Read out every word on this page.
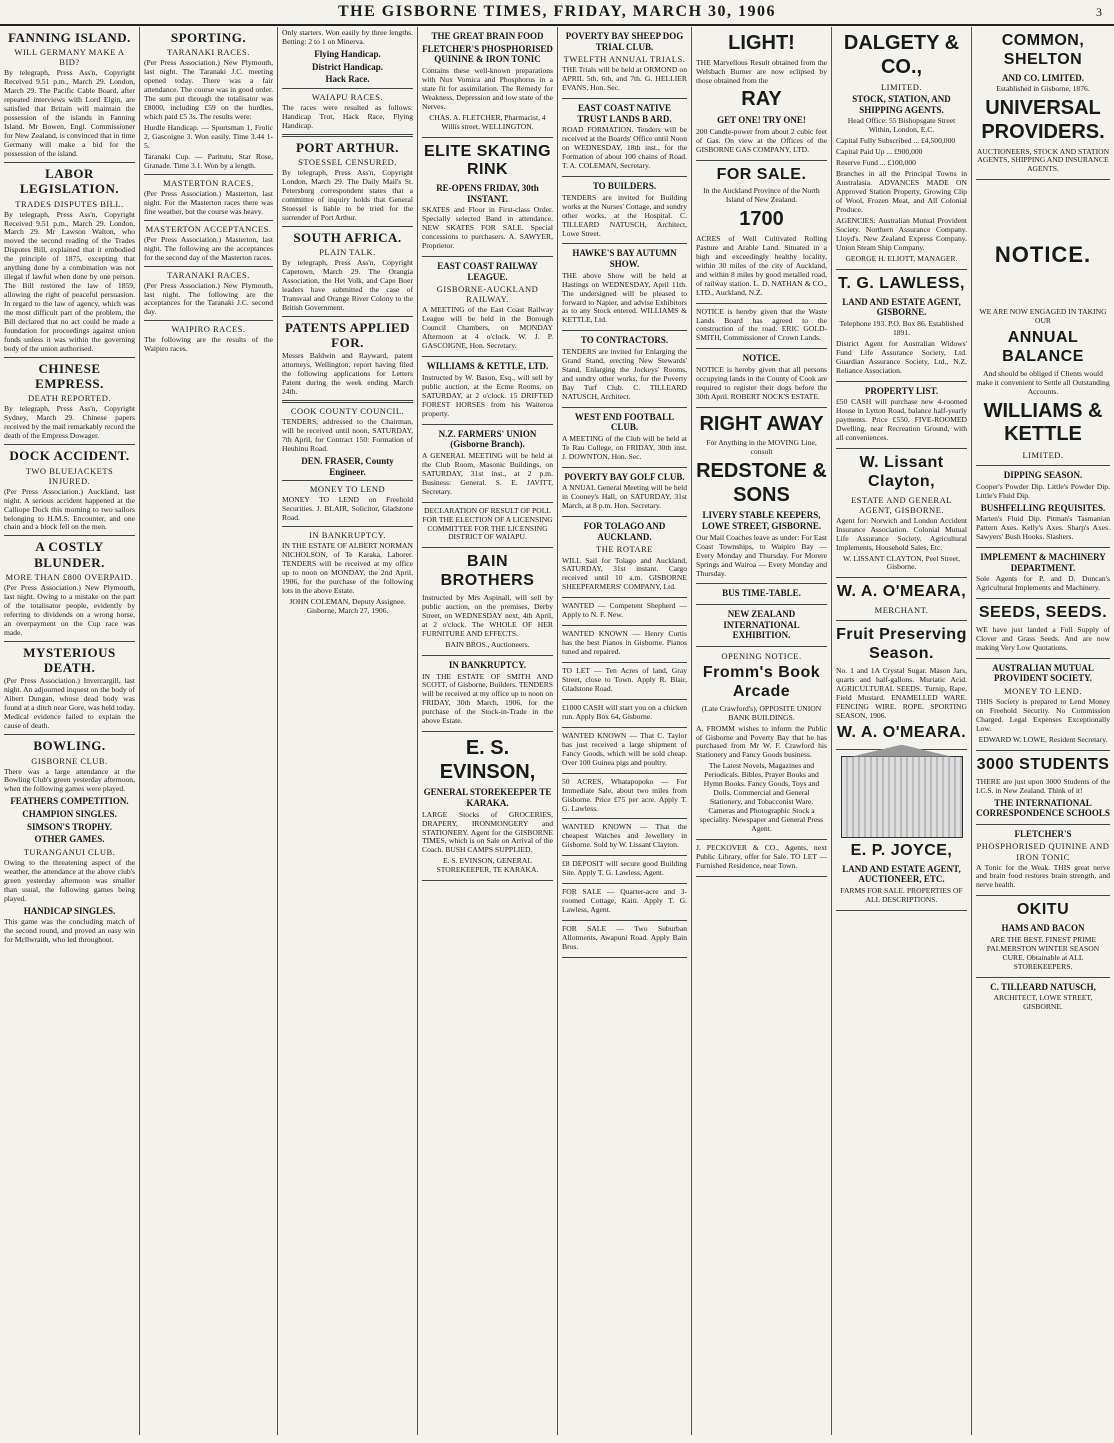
THE GISBORNE TIMES, FRIDAY, MARCH 30, 1906	3
FANNING ISLAND.
WILL GERMANY MAKE A BID?
By telegraph, Press Ass'n, Copyright Received 9.51 p.m., March 29. London, March 29. The Pacific Cable Board, after repeated interviews with Lord Elgin, are satisfied that Britain will maintain the possession of the islands in Fanning Island. Mr Bowen, Engl. Commissioner for New Zealand, is convinced that in time Germany will make a bid for the possession of the island.
LABOR LEGISLATION.
TRADES DISPUTES BILL.
By telegraph, Press Ass'n, Copyright Received 9.51 p.m., March 29. London, March 29. Mr Lawson Walton, who moved the second reading of the Trades Disputes Bill, explained that it embodied the principle of 1875, excepting that anything done by a combination was not illegal if lawful when done by one person. The Bill restored the law of 1859, allowing the right of peaceful persuasion. In regard to the law of agency, which was the most difficult part of the problem, the Bill declared that no act could be made a foundation for proceedings against union funds unless it was within the governing body of the union authorised.
CHINESE EMPRESS.
DEATH REPORTED.
By telegraph, Press Ass'n, Copyright Sydney, March 29. Chinese papers received by the mail remarkably record the death of the Empress Dowager.
DOCK ACCIDENT.
TWO BLUEJACKETS INJURED.
(Per Press Association.) Auckland, last night. A serious accident happened at the Calliope Dock this morning to two sailors belonging to H.M.S. Encounter, and one chain and a block fell on the men.
A COSTLY BLUNDER.
MORE THAN £800 OVERPAID.
(Per Press Association.) New Plymouth, last night. Owing to a mistake on the part of the totalisator people, evidently by referring to dividends on a wrong horse, an overpayment on the Cup race was made.
MYSTERIOUS DEATH.
(Per Press Association.) Invercargill, last night. An adjourned inquest on the body of Albert Dungan, whose dead body was found at a ditch near Gore, was held today. Medical evidence failed to explain the cause of death.
BOWLING.
GISBORNE CLUB.
There was a large attendance at the Bowling Club's green yesterday afternoon, when the following games were played.
FEATHERS COMPETITION.
CHAMPION SINGLES.
SIMSON'S TROPHY.
OTHER GAMES.
TURANGANUI CLUB.
Owing to the threatening aspect of the weather, the attendance at the above club's green yesterday afternoon was smaller than usual, the following games being played.
HANDICAP SINGLES.
This game was the concluding match of the second round, and proved an easy win for Mcllwraith, who led throughout.
SPORTING.
TARANAKI RACES.
(Per Press Association.) New Plymouth, last night. The Taranaki J.C. meeting opened today. There was a fair attendance. The course was in good order. The sum put through the totalisator was £8000, including £59 on the hurdles, which paid £5 3s. The results were:
Hurdle Handicap. — Sportsman 1, Frolic 2, Gascoigne 3. Won easily. Time 3.44 1-5.
Taranaki Cup. — Paritutu, Star Rose, Granade. Time 3.1. Won by a length.
MASTERTON RACES.
(Per Press Association.) Masterton, last night. For the Masterton races there was fine weather, but the course was heavy.
MASTERTON ACCEPTANCES.
(Per Press Association.) Masterton, last night. The following are the acceptances for the second day of the Masterton races.
TARANAKI RACES.
(Per Press Association.) New Plymouth, last night. The following are the acceptances for the Taranaki J.C. second day.
WAIPIRO RACES.
The following are the results of the Waipiro races.
Only starters. Won easily by three lengths. Betting: 2 to 1 on Minerva.
Flying Handicap.
District Handicap.
Hack Race.
WAIAPU RACES.
The races were resulted as follows: Handicap Trot, Hack Race, Flying Handicap.
PORT ARTHUR.
STOESSEL CENSURED.
By telegraph, Press Ass'n, Copyright London, March 29. The Daily Mail's St. Petersburg correspondent states that a committee of inquiry holds that General Stoessel is liable to be tried for the surrender of Port Arthur.
SOUTH AFRICA.
PLAIN TALK.
By telegraph, Press Ass'n, Copyright Capetown, March 29. The Orangia Association, the Het Volk, and Cape Boer leaders have submitted the case of Transvaal and Orange River Colony to the British Government.
PATENTS APPLIED FOR.
Messrs Baldwin and Rayward, patent attorneys, Wellington, report having filed the following applications for Letters Patent during the week ending March 24th.
COOK COUNTY COUNCIL.
TENDERS, addressed to the Chairman, will be received until noon, SATURDAY, 7th April, for Contract 150: Formation of Heuhinu Road.
DEN. FRASER, County Engineer.
MONEY TO LEND
MONEY TO LEND on Freehold Securities. J. BLAIR, Solicitor, Gladstone Road.
IN BANKRUPTCY.
IN THE ESTATE OF ALBERT NORMAN NICHOLSON, of Te Karaka, Laborer. TENDERS will be received at my office up to noon on MONDAY, the 2nd April, 1906, for the purchase of the following lots in the above Estate.
JOHN COLEMAN, Deputy Assignee. Gisborne, March 27, 1906.
THE GREAT BRAIN FOOD
FLETCHER'S PHOSPHORISED QUININE & IRON TONIC
Contains these well-known preparations with Nux Vomica and Phosphorus in a state fit for assimilation. The Remedy for Weakness, Depression and low state of the Nerves.
CHAS. A. FLETCHER, Pharmacist, 4 Willis street, WELLINGTON.
ELITE SKATING RINK
RE-OPENS FRIDAY, 30th INSTANT.
SKATES and Floor in First-class Order. Specially selected Band in attendance. NEW SKATES FOR SALE. Special concessions to purchasers. A. SAWYER, Proprietor.
EAST COAST RAILWAY LEAGUE.
GISBORNE-AUCKLAND RAILWAY.
A MEETING of the East Coast Railway League will be held in the Borough Council Chambers, on MONDAY Afternoon at 4 o'clock. W. J. P. GASCOIGNE, Hon. Secretary.
WILLIAMS & KETTLE, LTD.
Instructed by W. Bason, Esq., will sell by public auction, at the Ecme Rooms, on SATURDAY, at 2 o'clock. 15 DRIFTED FOREST HORSES from his Waiteroa property.
N.Z. FARMERS' UNION (Gisborne Branch).
A GENERAL MEETING will be held at the Club Room, Masonic Buildings, on SATURDAY, 31st inst., at 2 p.m. Business: General. S. E. JAVITT, Secretary.
DECLARATION OF RESULT OF POLL FOR THE ELECTION OF A LICENSING COMMITTEE FOR THE LICENSING DISTRICT OF WAIAPU.
BAIN BROTHERS
Instructed by Mrs Aspinall, will sell by public auction, on the premises, Derby Street, on WEDNESDAY next, 4th April, at 2 o'clock. The WHOLE OF HER FURNITURE AND EFFECTS.
BAIN BROS., Auctioneers.
IN BANKRUPTCY.
IN THE ESTATE OF SMITH AND SCOTT, of Gisborne, Builders. TENDERS will be received at my office up to noon on FRIDAY, 30th March, 1906, for the purchase of the Stock-in-Trade in the above Estate.
E. S. EVINSON,
GENERAL STOREKEEPER TE KARAKA.
LARGE Stocks of GROCERIES, DRAPERY, IRONMONGERY and STATIONERY. Agent for the GISBORNE TIMES, which is on Sale on Arrival of the Coach. BUSH CAMPS SUPPLIED.
E. S. EVINSON, GENERAL STOREKEEPER, TE KARAKA.
POVERTY BAY SHEEP DOG TRIAL CLUB.
TWELFTH ANNUAL TRIALS.
THE Trials will be held at ORMOND on APRIL 5th, 6th, and 7th. G. HELLIER EVANS, Hon. Sec.
EAST COAST NATIVE TRUST LANDS B ARD.
ROAD FORMATION. Tenders will be received at the Boards' Office until Noon on WEDNESDAY, 18th inst., for the Formation of about 100 chains of Road. T. A. COLEMAN, Secretary.
TO BUILDERS.
TENDERS are invited for Building works at the Nurses' Cottage, and sundry other works, at the Hospital. C. TILLEARD NATUSCH, Architect, Lowe Street.
HAWKE'S BAY AUTUMN SHOW.
THE above Show will be held at Hastings on WEDNESDAY, April 11th. The undersigned will be pleased to forward to Napier, and advise Exhibitors as to any Stock entered. WILLIAMS & KETTLE, Ltd.
TO CONTRACTORS.
TENDERS are invited for Enlarging the Grand Stand, erecting New Stewards' Stand, Enlarging the Jockeys' Rooms, and sundry other works, for the Poverty Bay Turf Club. C. TILLEARD NATUSCH, Architect.
WEST END FOOTBALL CLUB.
A MEETING of the Club will be held at Te Rau College, on FRIDAY, 30th inst. J. DOWNTON, Hon. Sec.
POVERTY BAY GOLF CLUB.
A NNUAL General Meeting will be held in Cooney's Hall, on SATURDAY, 31st March, at 8 p.m. Hon. Secretary.
FOR TOLAGO AND AUCKLAND.
THE ROTARE
WILL Sail for Tolago and Auckland, SATURDAY, 31st instant. Cargo received until 10 a.m. GISBORNE SHEEPFARMERS' COMPANY, Ltd.
WANTED — Competent Shepherd — Apply to N. F. New.
WANTED KNOWN — Henry Curtis has the best Pianos in Gisborne. Pianos tuned and repaired.
TO LET — Ten Acres of land, Gray Street, close to Town. Apply R. Blair, Gladstone Road.
£1000 CASH will start you on a chicken run. Apply Box 64, Gisborne.
WANTED KNOWN — That C. Taylor has just received a large shipment of Fancy Goods, which will be sold cheap. Over 100 Guinea pigs and poultry.
50 ACRES, Whatapopoko — For Immediate Sale, about two miles from Gisborne. Price £75 per acre. Apply T. G. Lawless.
WANTED KNOWN — That the cheapest Watches and Jewellery in Gisborne. Sold by W. Lissant Clayton.
£8 DEPOSIT will secure good Building Site. Apply T. G. Lawless, Agent.
FOR SALE — Quarter-acre and 3-roomed Cottage, Kaiti. Apply T. G. Lawless, Agent.
FOR SALE — Two Suburban Allotments, Awapuni Road. Apply Bain Bros.
LIGHT!
THE Marvellous Result obtained from the Welsbach Burner are now eclipsed by those obtained from the
RAY
GET ONE! TRY ONE!
200 Candle-power from about 2 cubic feet of Gas. On view at the Offices of the GISBORNE GAS COMPANY, LTD.
FOR SALE.
In the Auckland Province of the North Island of New Zealand.
1700
ACRES of Well Cultivated Rolling Pasture and Arable Land. Situated in a high and exceedingly healthy locality, within 30 miles of the city of Auckland, and within 8 miles by good metalled road, of railway station. L. D. NATHAN & CO., LTD., Auckland, N.Z.
NOTICE is hereby given that the Waste Lands Board has agreed to the construction of the road. ERIC GOLD-SMITH, Commissioner of Crown Lands.
NOTICE.
NOTICE is hereby given that all persons occupying lands in the County of Cook are required to register their dogs before the 30th April. ROBERT NOCK'S ESTATE.
RIGHT AWAY
For Anything in the MOVING Line, consult
REDSTONE & SONS
LIVERY STABLE KEEPERS, LOWE STREET, GISBORNE.
Our Mail Coaches leave as under: For East Coast Townships, to Waipiro Bay — Every Monday and Thursday. For Morere Springs and Wairoa — Every Monday and Thursday.
BUS TIME-TABLE.
NEW ZEALAND INTERNATIONAL EXHIBITION.
OPENING NOTICE.
Fromm's Book Arcade
(Late Crawford's), OPPOSITE UNION BANK BUILDINGS.
A. FROMM wishes to inform the Public of Gisborne and Poverty Bay that he has purchased from Mr W. F. Crawford his Stationery and Fancy Goods business.
The Latest Novels, Magazines and Periodicals. Bibles, Prayer Books and Hymn Books. Fancy Goods, Toys and Dolls. Commercial and General Stationery, and Tobacconist Ware. Cameras and Photographic Stock a speciality. Newspaper and General Press Agent.
J. PECKOVER & CO., Agents, next Public Library, offer for Sale. TO LET — Furnished Residence, near Town.
DALGETY & CO.,
LIMITED.
STOCK, STATION, AND SHIPPING AGENTS.
Head Office: 55 Bishopsgate Street Within, London, E.C.
Capital Fully Subscribed ... £4,500,000
Capital Paid Up ... £900,000
Reserve Fund ... £100,000
Branches in all the Principal Towns in Australasia. ADVANCES MADE ON Approved Station Property, Growing Clip of Wool, Frozen Meat, and All Colonial Produce.
AGENCIES: Australian Mutual Provident Society. Northern Assurance Company. Lloyd's. New Zealand Express Company. Union Steam Ship Company.
GEORGE H. ELIOTT, MANAGER.
T. G. LAWLESS,
LAND AND ESTATE AGENT, GISBORNE.
Telephone 193. P.O. Box 86. Established 1891.
District Agent for Australian Widows' Fund Life Assurance Society, Ltd. Guardian Assurance Society, Ltd., N.Z. Reliance Association.
PROPERTY LIST.
£50 CASH will purchase new 4-roomed House in Lytton Road, balance half-yearly payments. Price £550. FIVE-ROOMED Dwelling, near Recreation Ground, with all conveniences.
W. Lissant Clayton,
ESTATE AND GENERAL AGENT, GISBORNE.
Agent for: Norwich and London Accident Insurance Association. Colonial Mutual Life Assurance Society. Agricultural Implements, Household Sales, Etc.
W. LISSANT CLAYTON, Peel Street, Gisborne.
W. A. O'MEARA,
MERCHANT.
Fruit Preserving Season.
No. 1 and 1A Crystal Sugar. Mason Jars, quarts and half-gallons. Muriatic Acid. AGRICULTURAL SEEDS. Turnip, Rape, Field Mustard. ENAMELLED WARE. FENCING WIRE. ROPE. SPORTING SEASON, 1906.
W. A. O'MEARA.
E. P. JOYCE,
LAND AND ESTATE AGENT, AUCTIONEER, ETC.
FARMS FOR SALE. PROPERTIES OF ALL DESCRIPTIONS.
COMMON, SHELTON
AND CO. LIMITED.
Established in Gisborne, 1876.
UNIVERSAL PROVIDERS.
AUCTIONEERS, STOCK AND STATION AGENTS, SHIPPING AND INSURANCE AGENTS.
NOTICE.
WE ARE NOW ENGAGED IN TAKING OUR
ANNUAL BALANCE
And should be obliged if Clients would make it convenient to Settle all Outstanding Accounts.
WILLIAMS & KETTLE
LIMITED.
DIPPING SEASON.
Cooper's Powder Dip. Little's Powder Dip. Little's Fluid Dip.
BUSHFELLING REQUISITES.
Marten's Fluid Dip. Pitman's Tasmanian Pattern Axes. Kelly's Axes. Sharp's Axes. Sawyers' Bush Hooks. Slashers.
IMPLEMENT & MACHINERY DEPARTMENT.
Sole Agents for P. and D. Duncan's Agricultural Implements and Machinery.
SEEDS, SEEDS.
WE have just landed a Full Supply of Clover and Grass Seeds. And are now making Very Low Quotations.
AUSTRALIAN MUTUAL PROVIDENT SOCIETY.
MONEY TO LEND.
THIS Society is prepared to Lend Money on Freehold Security. No Commission Charged. Legal Expenses Exceptionally Low.
EDWARD W. LOWE, Resident Secretary.
3000 STUDENTS
THERE are just upon 3000 Students of the I.C.S. in New Zealand. Think of it!
THE INTERNATIONAL CORRESPONDENCE SCHOOLS
FLETCHER'S
PHOSPHORISED QUININE AND IRON TONIC
A Tonic for the Weak. THIS great nerve and brain food restores brain strength, and nerve health.
OKITU
HAMS AND BACON
ARE THE BEST. FINEST PRIME PALMERSTON WINTER SEASON CURE. Obtainable at ALL STOREKEEPERS.
C. TILLEARD NATUSCH,
ARCHITECT, LOWE STREET, GISBORNE.
